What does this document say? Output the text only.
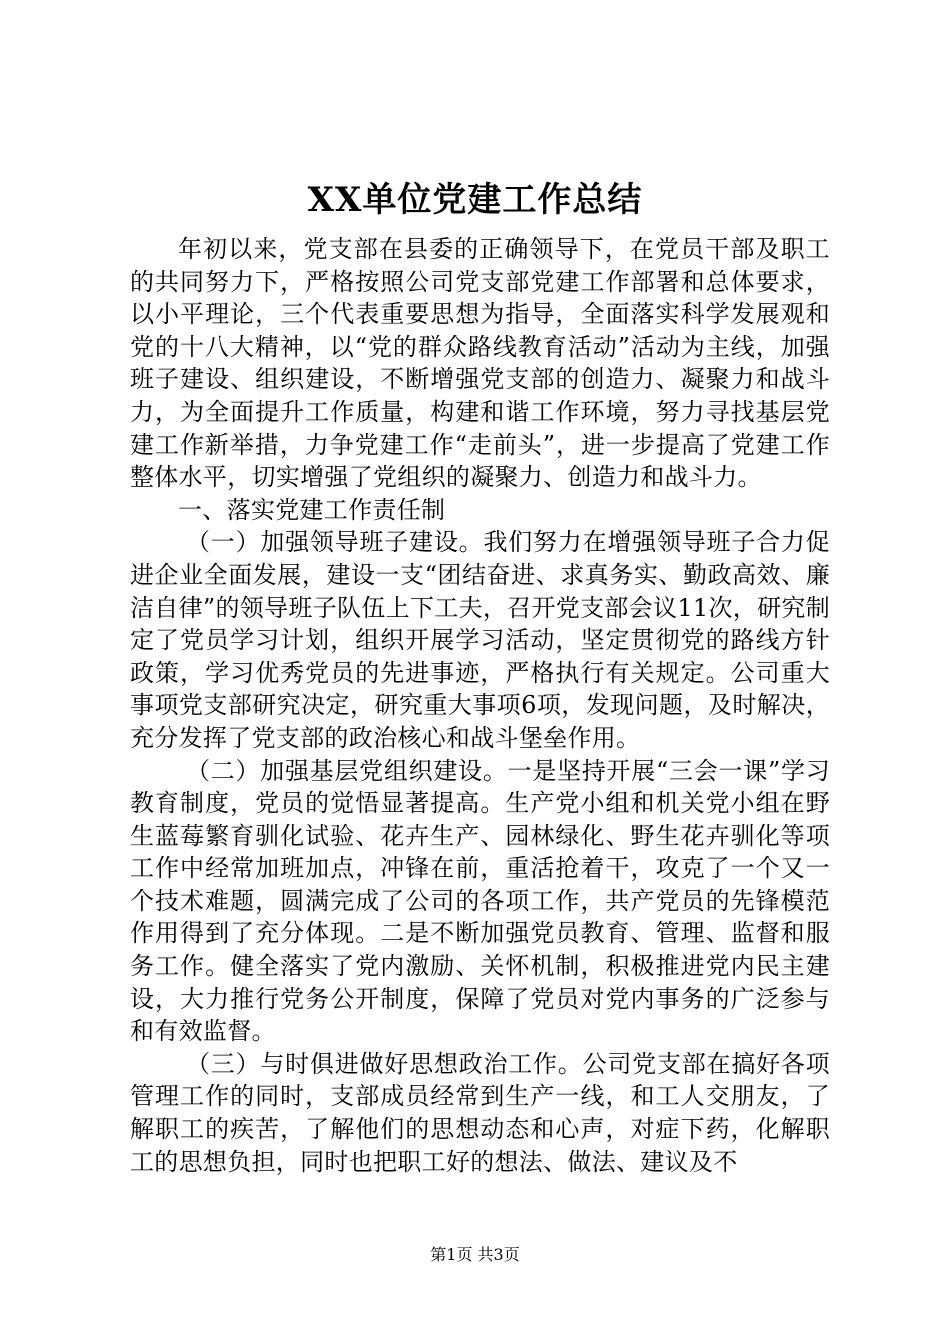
XX单位党建工作总结

年初以来，党支部在县委的正确领导下，在党员干部及职工的共同努力下，严格按照公司党支部党建工作部署和总体要求，以小平理论，三个代表重要思想为指导，全面落实科学发展观和党的十八大精神，以“党的群众路线教育活动”活动为主线，加强班子建设、组织建设，不断增强党支部的创造力、凝聚力和战斗力，为全面提升工作质量，构建和谐工作环境，努力寻找基层党建工作新举措，力争党建工作“走前头”，进一步提高了党建工作整体水平，切实增强了党组织的凝聚力、创造力和战斗力。

一、落实党建工作责任制

（一）加强领导班子建设。我们努力在增强领导班子合力促进企业全面发展，建设一支“团结奋进、求真务实、勤政高效、廉洁自律”的领导班子队伍上下工夫，召开党支部会议11次，研究制定了党员学习计划，组织开展学习活动，坚定贯彻党的路线方针政策，学习优秀党员的先进事迹，严格执行有关规定。公司重大事项党支部研究决定，研究重大事项6项，发现问题，及时解决，充分发挥了党支部的政治核心和战斗堡垒作用。

（二）加强基层党组织建设。一是坚持开展“三会一课”学习教育制度，党员的觉悟显著提高。生产党小组和机关党小组在野生蓝莓繁育驯化试验、花卉生产、园林绿化、野生花卉驯化等项工作中经常加班加点，冲锋在前，重活抢着干，攻克了一个又一个技术难题，圆满完成了公司的各项工作，共产党员的先锋模范作用得到了充分体现。二是不断加强党员教育、管理、监督和服务工作。健全落实了党内激励、关怀机制，积极推进党内民主建设，大力推行党务公开制度，保障了党员对党内事务的广泛参与和有效监督。

（三）与时俱进做好思想政治工作。公司党支部在搞好各项管理工作的同时，支部成员经常到生产一线，和工人交朋友，了解职工的疾苦，了解他们的思想动态和心声，对症下药，化解职工的思想负担，同时也把职工好的想法、做法、建议及不

第1页 共3页
